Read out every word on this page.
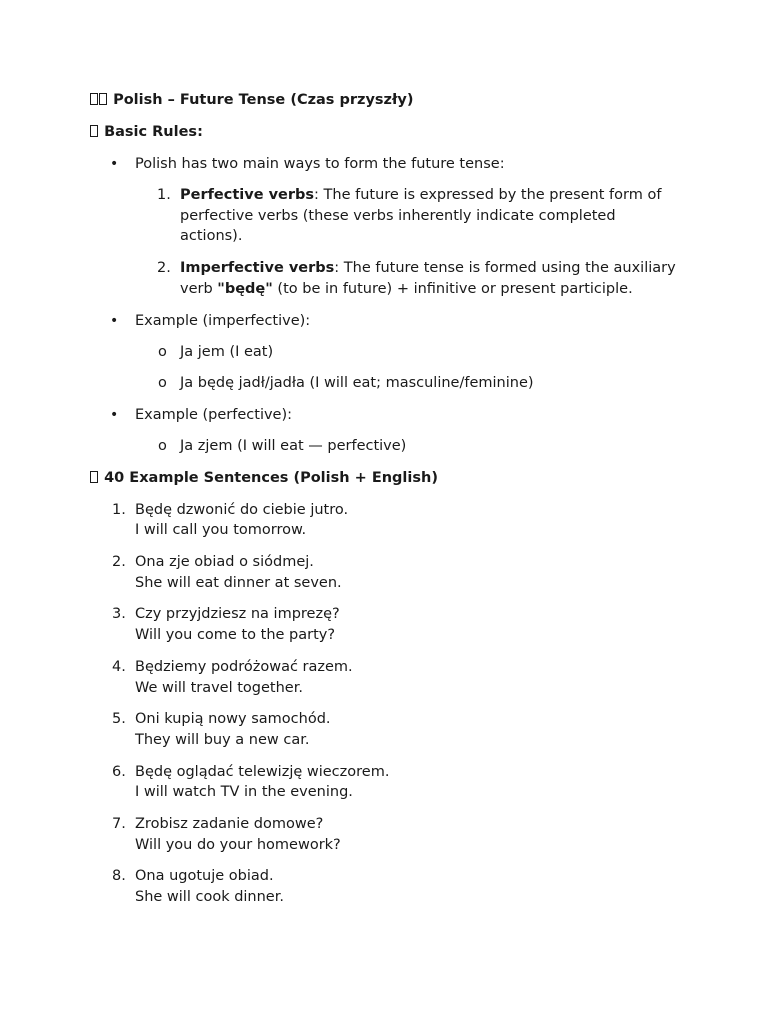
Polish – Future Tense (Czas przyszły)

Basic Rules:

• Polish has two main ways to form the future tense:
1. Perfective verbs: The future is expressed by the present form of perfective verbs (these verbs inherently indicate completed actions).
2. Imperfective verbs: The future tense is formed using the auxiliary verb "będę" (to be in future) + infinitive or present participle.
• Example (imperfective):
o Ja jem (I eat)
o Ja będę jadł/jadła (I will eat; masculine/feminine)
• Example (perfective):
o Ja zjem (I will eat — perfective)

40 Example Sentences (Polish + English)

1. Będę dzwonić do ciebie jutro.
I will call you tomorrow.
2. Ona zje obiad o siódmej.
She will eat dinner at seven.
3. Czy przyjdziesz na imprezę?
Will you come to the party?
4. Będziemy podróżować razem.
We will travel together.
5. Oni kupią nowy samochód.
They will buy a new car.
6. Będę oglądać telewizję wieczorem.
I will watch TV in the evening.
7. Zrobisz zadanie domowe?
Will you do your homework?
8. Ona ugotuje obiad.
She will cook dinner.
